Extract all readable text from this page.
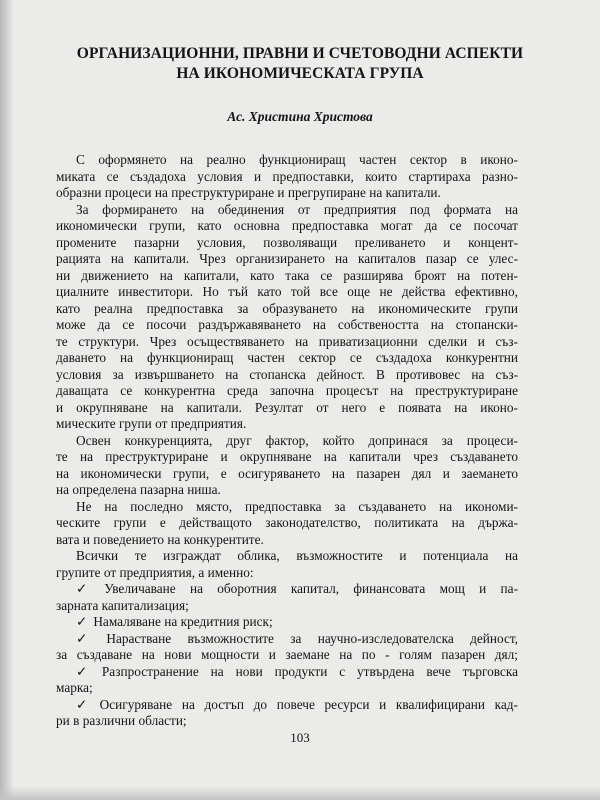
ОРГАНИЗАЦИОННИ, ПРАВНИ И СЧЕТОВОДНИ АСПЕКТИ
НА ИКОНОМИЧЕСКАТА ГРУПА
Ас. Христина Христова
С оформянето на реално функциониращ частен сектор в иконо-
миката се създадоха условия и предпоставки, които стартираха разно-
образни процеси на преструктуриране и прегрупиране на капитали.
За формирането на обединения от предприятия под формата на
икономически групи, като основна предпоставка могат да се посочат
промените пазарни условия, позволяващи преливането и концент-
рацията на капитали. Чрез организирането на капиталов пазар се улес-
ни движението на капитали, като така се разширява броят на потен-
циалните инвеститори. Но тъй като той все още не действа ефективно,
като реална предпоставка за образуването на икономическите групи
може да се посочи раздържавяването на собствеността на стопански-
те структури. Чрез осъществяването на приватизационни сделки и съз-
даването на функциониращ частен сектор се създадоха конкурентни
условия за извършването на стопанска дейност. В противовес на съз-
даващата се конкурентна среда започна процесът на преструктуриране
и окрупняване на капитали. Резултат от него е появата на иконо-
мическите групи от предприятия.
Освен конкуренцията, друг фактор, който допринася за процеси-
те на преструктуриране и окрупняване на капитали чрез създаването
на икономически групи, е осигуряването на пазарен дял и заемането
на определена пазарна ниша.
Не на последно място, предпоставка за създаването на икономи-
ческите групи е действащото законодателство, политиката на държа-
вата и поведението на конкурентите.
Всички те изграждат облика, възможностите и потенциала на
групите от предприятия, а именно:
✓ Увеличаване на оборотния капитал, финансовата мощ и па-
зарната капитализация;
✓ Намаляване на кредитния риск;
✓ Нарастване възможностите за научно-изследователска дейност,
за създаване на нови мощности и заемане на по - голям пазарен дял;
✓ Разпространение на нови продукти с утвърдена вече търговска
марка;
✓ Осигуряване на достъп до повече ресурси и квалифицирани кад-
ри в различни области;
103
